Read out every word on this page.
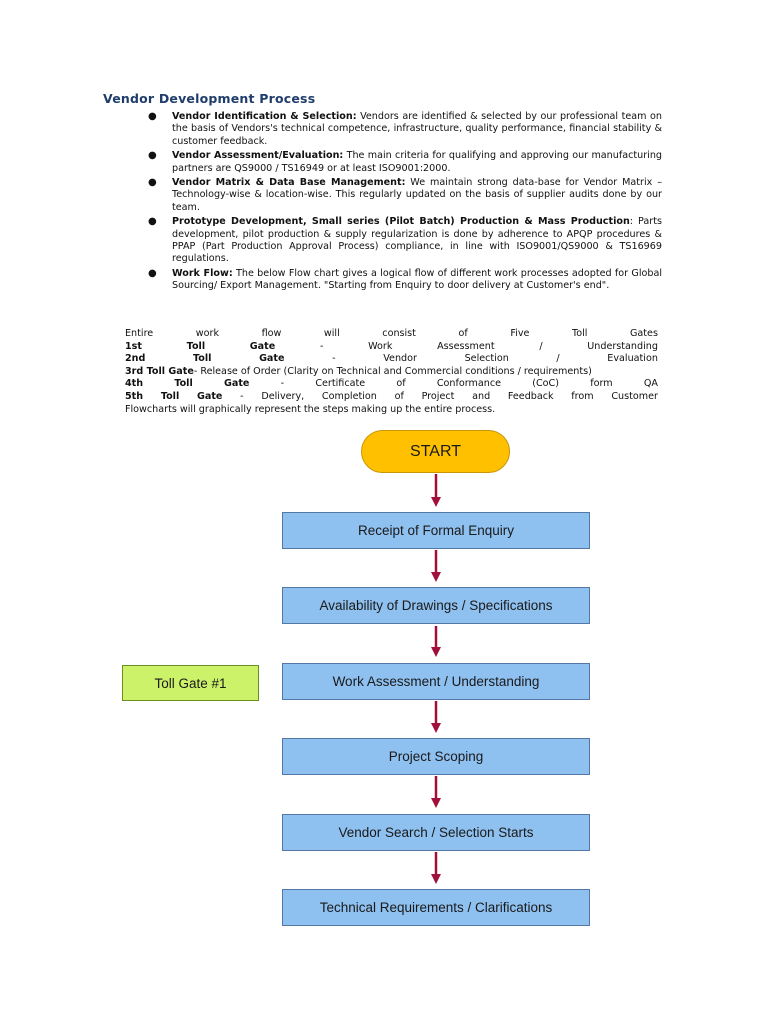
Vendor Development Process
● Vendor Identification & Selection: Vendors are identified & selected by our professional team on the basis of Vendors's technical competence, infrastructure, quality performance, financial stability & customer feedback.
● Vendor Assessment/Evaluation: The main criteria for qualifying and approving our manufacturing partners are QS9000 / TS16949 or at least ISO9001:2000.
● Vendor Matrix & Data Base Management: We maintain strong data-base for Vendor Matrix – Technology-wise & location-wise. This regularly updated on the basis of supplier audits done by our team.
● Prototype Development, Small series (Pilot Batch) Production & Mass Production: Parts development, pilot production & supply regularization is done by adherence to APQP procedures & PPAP (Part Production Approval Process) compliance, in line with ISO9001/QS9000 & TS16969 regulations.
● Work Flow: The below Flow chart gives a logical flow of different work processes adopted for Global Sourcing/ Export Management. "Starting from Enquiry to door delivery at Customer's end".
Entire	work	flow	will	consist	of	Five	Toll	Gates
1st	Toll	Gate	-	Work	Assessment	/	Understanding
2nd	Toll	Gate	-	Vendor	Selection	/	Evaluation
3rd Toll Gate - Release of Order (Clarity on Technical and Commercial conditions / requirements)
4th	Toll	Gate	-	Certificate	of	Conformance	(CoC)	form	QA
5th Toll Gate - Delivery, Completion of Project and Feedback from Customer
Flowcharts will graphically represent the steps making up the entire process.
START
Receipt of Formal Enquiry
Availability of Drawings / Specifications
Work Assessment / Understanding
Project Scoping
Vendor Search / Selection Starts
Technical Requirements / Clarifications
Toll Gate #1
